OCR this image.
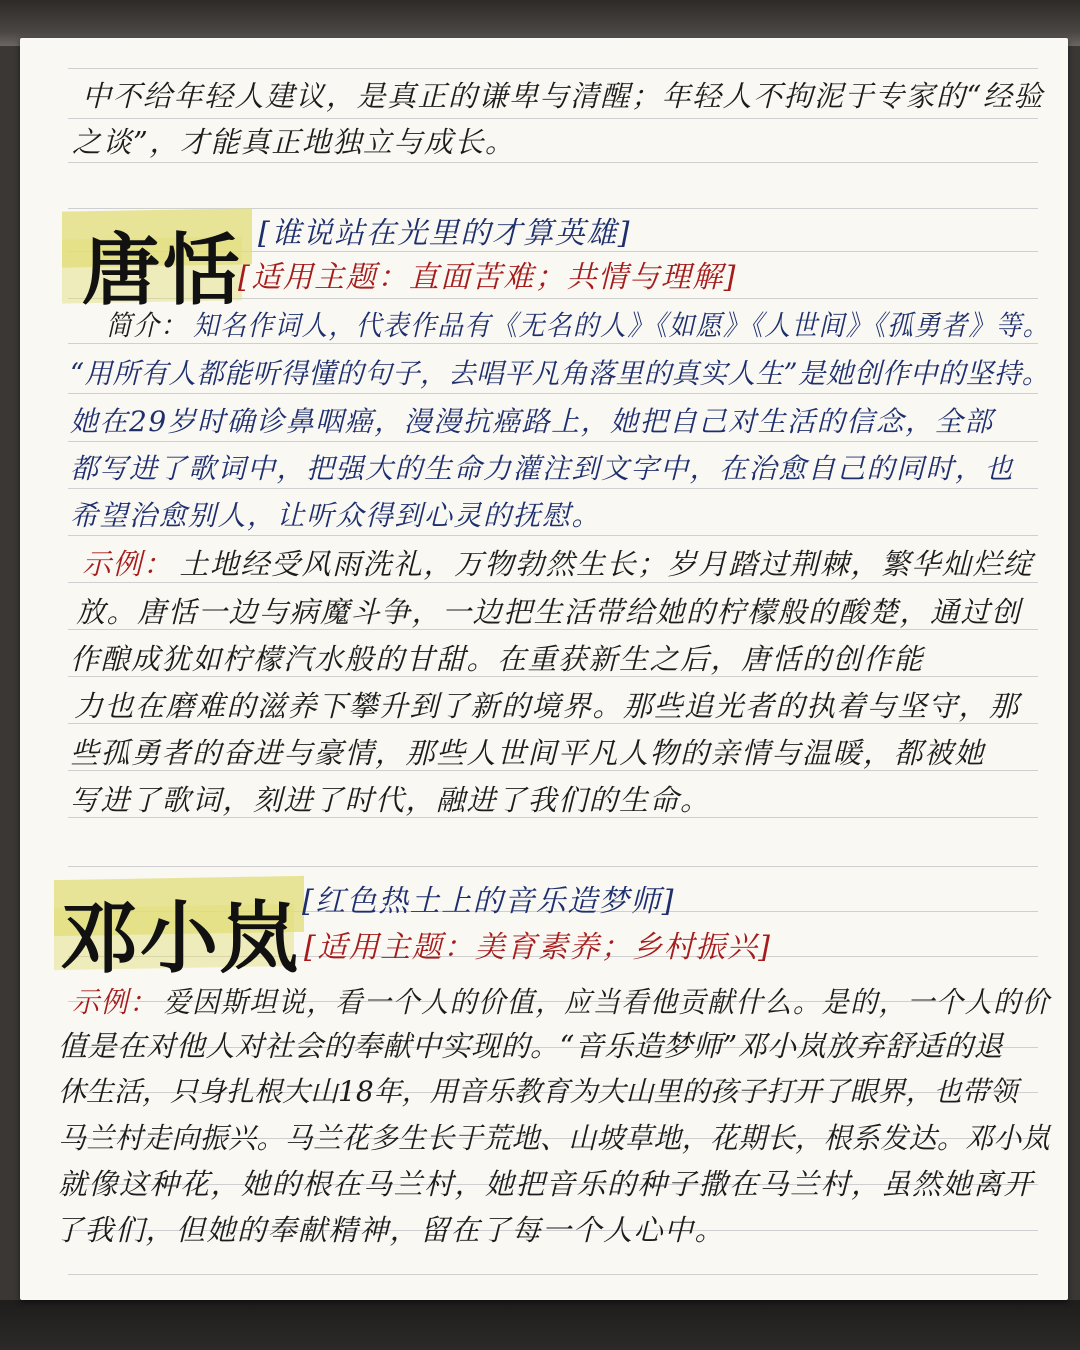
中不给年轻人建议，是真正的谦卑与清醒；年轻人不拘泥于专家的“经验
之谈”，才能真正地独立与成长。
唐恬 [谁说站在光里的才算英雄]
[适用主题：直面苦难；共情与理解]
简介： 知名作词人，代表作品有《无名的人》《如愿》《人世间》《孤勇者》等。
“用所有人都能听得懂的句子，去唱平凡角落里的真实人生”是她创作中的坚持。
她在29岁时确诊鼻咽癌，漫漫抗癌路上，她把自己对生活的信念，全部
都写进了歌词中，把强大的生命力灌注到文字中，在治愈自己的同时，也
希望治愈别人，让听众得到心灵的抚慰。
示例： 土地经受风雨洗礼，万物勃然生长；岁月踏过荆棘，繁华灿烂绽
放。唐恬一边与病魔斗争，一边把生活带给她的柠檬般的酸楚，通过创
作酿成犹如柠檬汽水般的甘甜。在重获新生之后，唐恬的创作能
力也在磨难的滋养下攀升到了新的境界。那些追光者的执着与坚守，那
些孤勇者的奋进与豪情，那些人世间平凡人物的亲情与温暖，都被她
写进了歌词，刻进了时代，融进了我们的生命。
邓小岚 [红色热土上的音乐造梦师]
[适用主题：美育素养；乡村振兴]
示例： 爱因斯坦说，看一个人的价值，应当看他贡献什么。是的，一个人的价
值是在对他人对社会的奉献中实现的。“音乐造梦师”邓小岚放弃舒适的退
休生活，只身扎根大山18年，用音乐教育为大山里的孩子打开了眼界，也带领
马兰村走向振兴。马兰花多生长于荒地、山坡草地，花期长，根系发达。邓小岚
就像这种花，她的根在马兰村，她把音乐的种子撒在马兰村，虽然她离开
了我们，但她的奉献精神，留在了每一个人心中。
